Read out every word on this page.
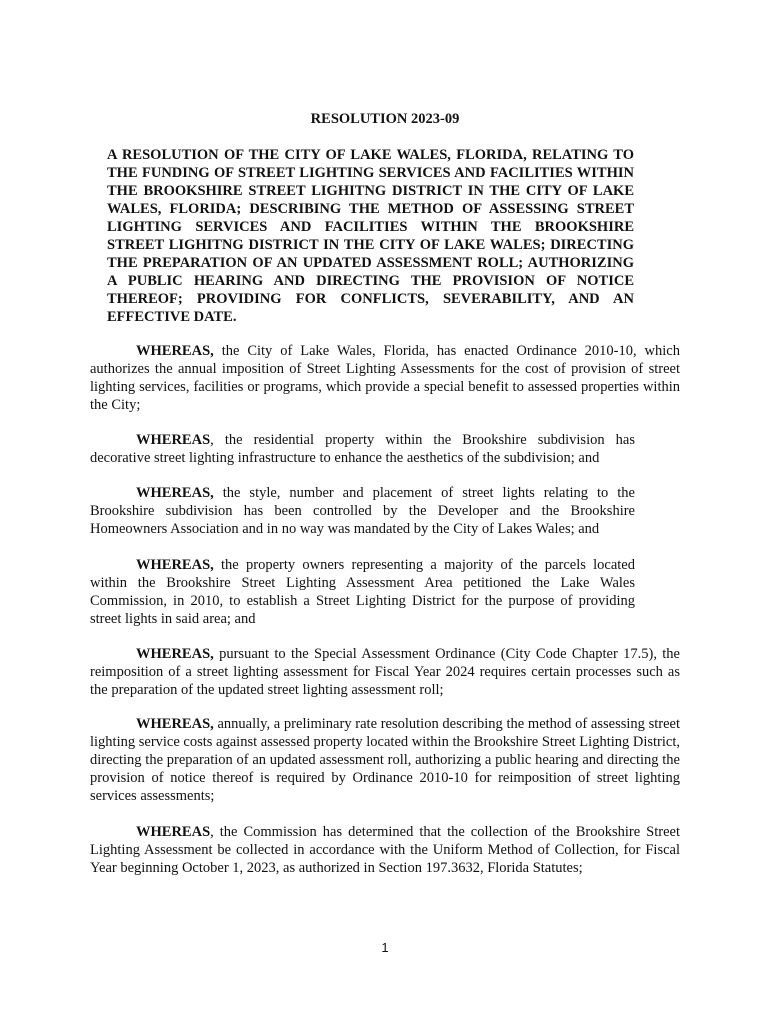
RESOLUTION 2023-09
A RESOLUTION OF THE CITY OF LAKE WALES, FLORIDA, RELATING TO THE FUNDING OF STREET LIGHTING SERVICES AND FACILITIES WITHIN THE BROOKSHIRE STREET LIGHITNG DISTRICT IN THE CITY OF LAKE WALES, FLORIDA; DESCRIBING THE METHOD OF ASSESSING STREET LIGHTING SERVICES AND FACILITIES WITHIN THE BROOKSHIRE STREET LIGHITNG DISTRICT IN THE CITY OF LAKE WALES; DIRECTING THE PREPARATION OF AN UPDATED ASSESSMENT ROLL; AUTHORIZING A PUBLIC HEARING AND DIRECTING THE PROVISION OF NOTICE THEREOF; PROVIDING FOR CONFLICTS, SEVERABILITY, AND AN EFFECTIVE DATE.

WHEREAS, the City of Lake Wales, Florida, has enacted Ordinance 2010-10, which authorizes the annual imposition of Street Lighting Assessments for the cost of provision of street lighting services, facilities or programs, which provide a special benefit to assessed properties within the City;

WHEREAS, the residential property within the Brookshire subdivision has decorative street lighting infrastructure to enhance the aesthetics of the subdivision; and

WHEREAS, the style, number and placement of street lights relating to the Brookshire subdivision has been controlled by the Developer and the Brookshire Homeowners Association and in no way was mandated by the City of Lakes Wales; and

WHEREAS, the property owners representing a majority of the parcels located within the Brookshire Street Lighting Assessment Area petitioned the Lake Wales Commission, in 2010, to establish a Street Lighting District for the purpose of providing street lights in said area; and

WHEREAS, pursuant to the Special Assessment Ordinance (City Code Chapter 17.5), the reimposition of a street lighting assessment for Fiscal Year 2024 requires certain processes such as the preparation of the updated street lighting assessment roll;

WHEREAS, annually, a preliminary rate resolution describing the method of assessing street lighting service costs against assessed property located within the Brookshire Street Lighting District, directing the preparation of an updated assessment roll, authorizing a public hearing and directing the provision of notice thereof is required by Ordinance 2010-10 for reimposition of street lighting services assessments;

WHEREAS, the Commission has determined that the collection of the Brookshire Street Lighting Assessment be collected in accordance with the Uniform Method of Collection, for Fiscal Year beginning October 1, 2023, as authorized in Section 197.3632, Florida Statutes;

1
